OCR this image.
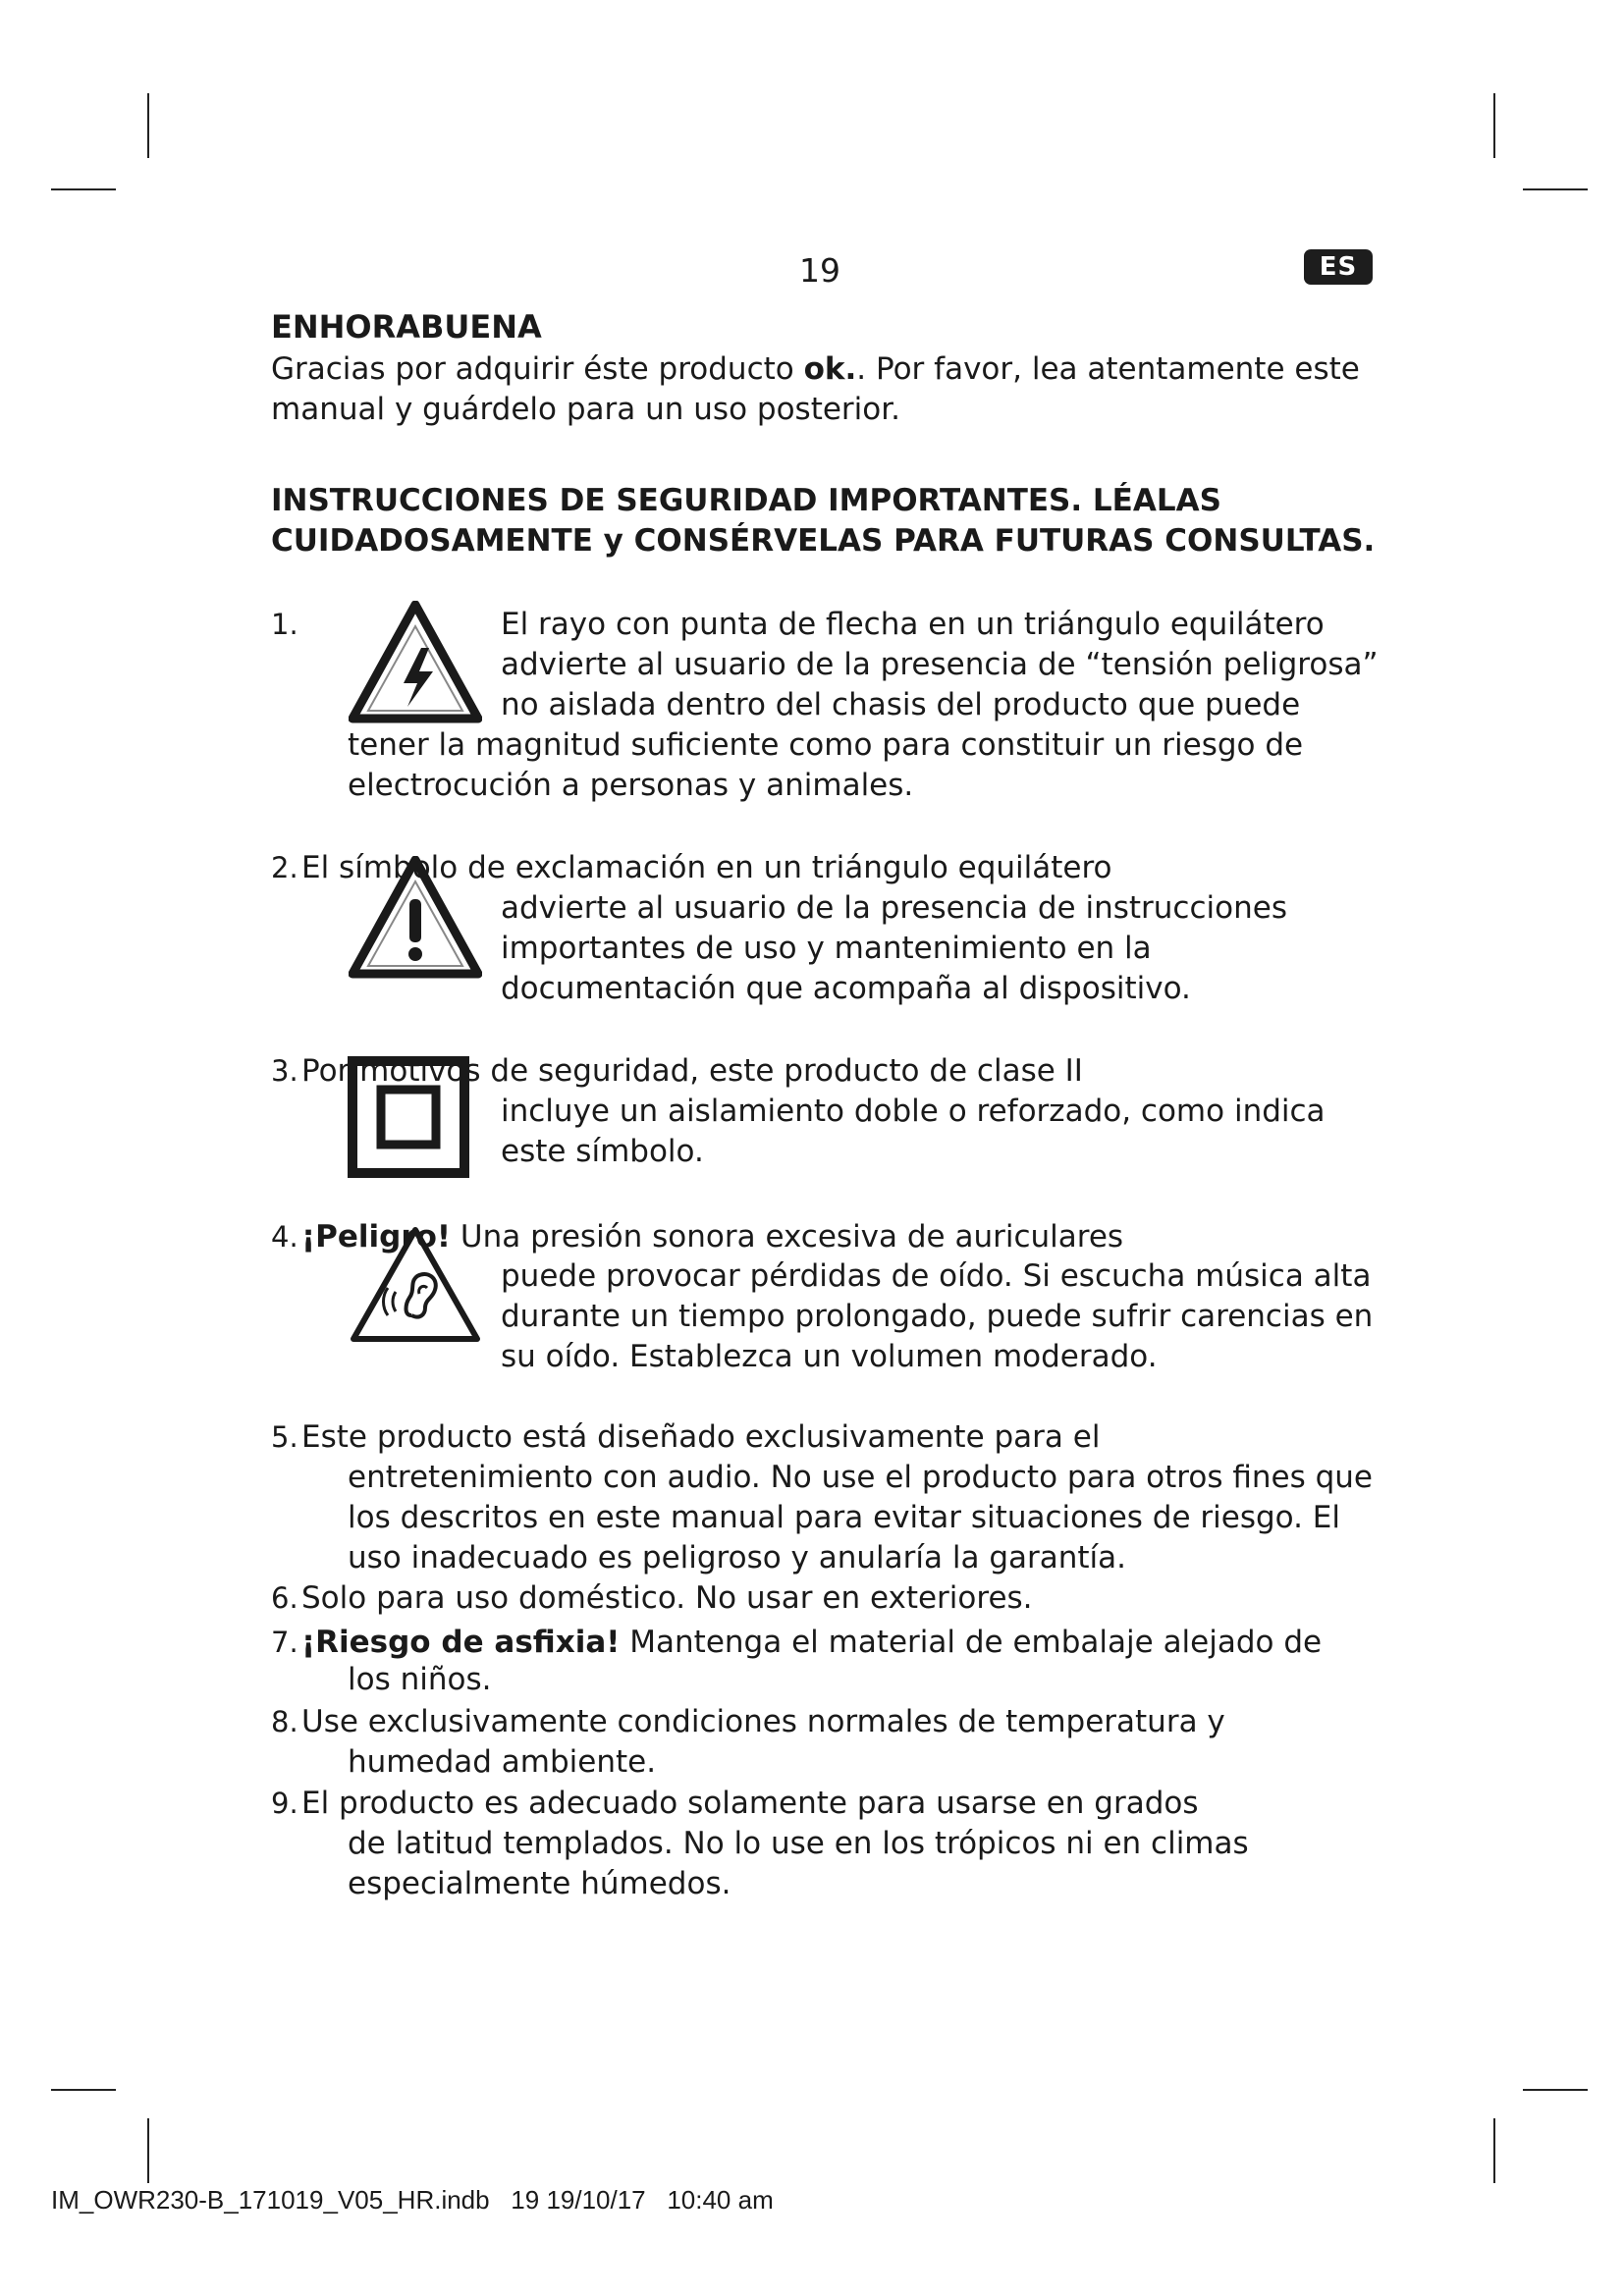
19	ES
ENHORABUENA
Gracias por adquirir éste producto ok.. Por favor, lea atentamente este
manual y guárdelo para un uso posterior.
INSTRUCCIONES DE SEGURIDAD IMPORTANTES. LÉALAS
CUIDADOSAMENTE y CONSÉRVELAS PARA FUTURAS CONSULTAS.
1.	El rayo con punta de flecha en un triángulo equilátero
advierte al usuario de la presencia de “tensión peligrosa”
no aislada dentro del chasis del producto que puede
tener la magnitud suficiente como para constituir un riesgo de
electrocución a personas y animales.
2. El símbolo de exclamación en un triángulo equilátero
advierte al usuario de la presencia de instrucciones
importantes de uso y mantenimiento en la
documentación que acompaña al dispositivo.
3. Por motivos de seguridad, este producto de clase II
incluye un aislamiento doble o reforzado, como indica
este símbolo.
4. ¡Peligro! Una presión sonora excesiva de auriculares
puede provocar pérdidas de oído. Si escucha música alta
durante un tiempo prolongado, puede sufrir carencias en
su oído. Establezca un volumen moderado.
5. Este producto está diseñado exclusivamente para el
entretenimiento con audio. No use el producto para otros fines que
los descritos en este manual para evitar situaciones de riesgo. El
uso inadecuado es peligroso y anularía la garantía.
6. Solo para uso doméstico. No usar en exteriores.
7. ¡Riesgo de asfixia! Mantenga el material de embalaje alejado de
los niños.
8. Use exclusivamente condiciones normales de temperatura y
humedad ambiente.
9. El producto es adecuado solamente para usarse en grados
de latitud templados. No lo use en los trópicos ni en climas
especialmente húmedos.
IM_OWR230-B_171019_V05_HR.indb 19 19/10/17 10:40 am
